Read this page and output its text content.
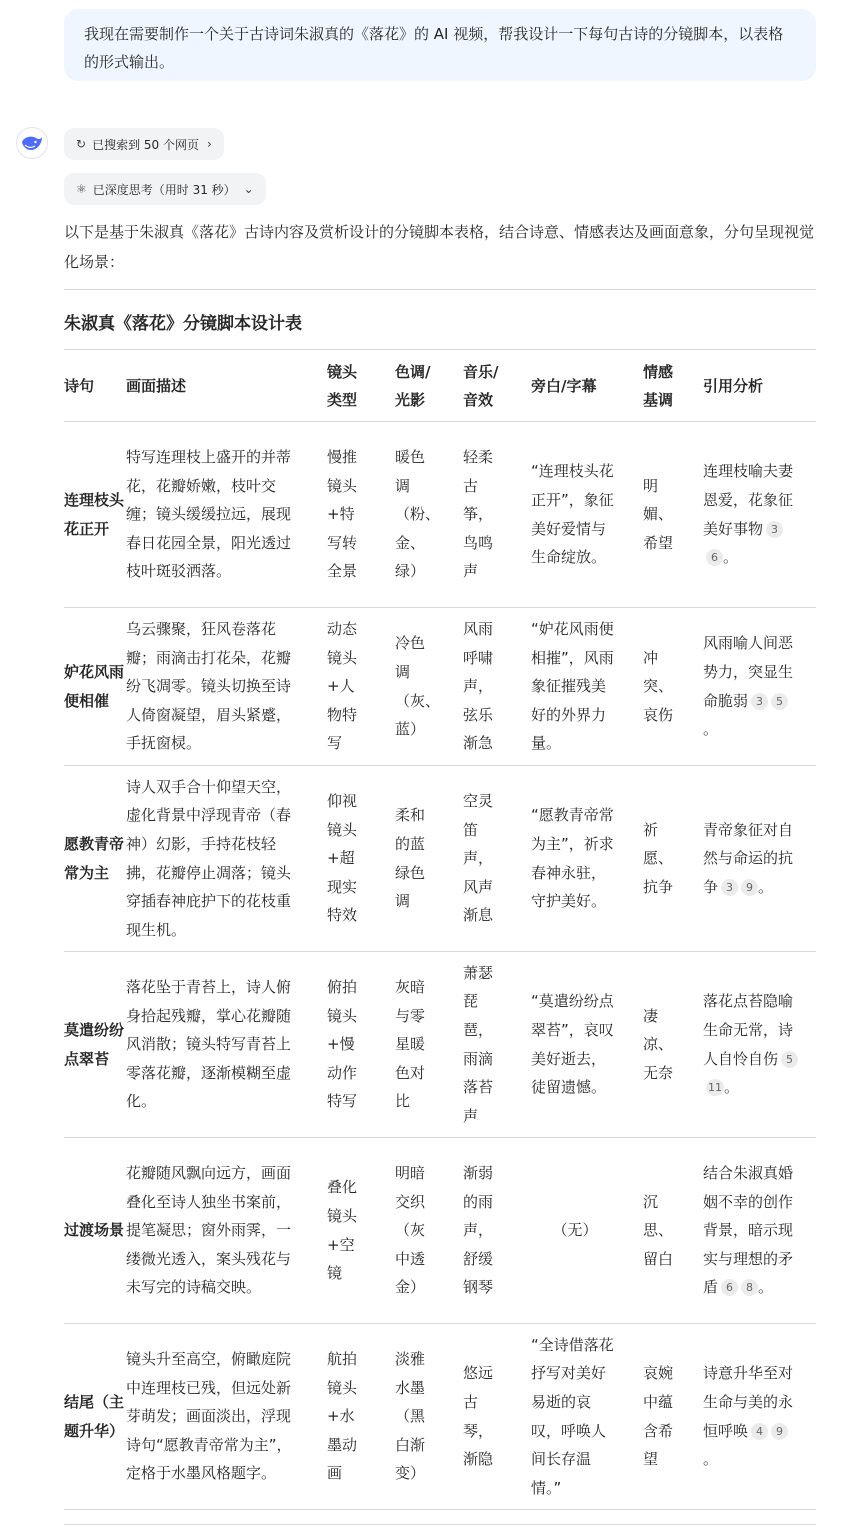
我现在需要制作一个关于古诗词朱淑真的《落花》的 AI 视频，帮我设计一下每句古诗的分镜脚本，以表格的形式输出。
↻ 已搜索到 50 个网页 ›
⚛ 已深度思考（用时 31 秒） ⌄
以下是基于朱淑真《落花》古诗内容及赏析设计的分镜脚本表格，结合诗意、情感表达及画面意象，分句呈现视觉化场景：
朱淑真《落花》分镜脚本设计表
诗句	画面描述	镜头类型	色调/光影	音乐/音效	旁白/字幕	情感基调	引用分析
连理枝头花正开	特写连理枝上盛开的并蒂花，花瓣娇嫩，枝叶交缠；镜头缓缓拉远，展现春日花园全景，阳光透过枝叶斑驳洒落。	慢推镜头+特写转全景	暖色调（粉、金、绿）	轻柔古筝，鸟鸣声	“连理枝头花正开”，象征美好爱情与生命绽放。	明媚、希望	连理枝喻夫妻恩爱，花象征美好事物 36 。
妒花风雨便相催	乌云骤聚，狂风卷落花瓣；雨滴击打花朵，花瓣纷飞凋零。镜头切换至诗人倚窗凝望，眉头紧蹙，手抚窗棂。	动态镜头+人物特写	冷色调（灰、蓝）	风雨呼啸声，弦乐渐急	“妒花风雨便相摧”，风雨象征摧残美好的外界力量。	冲突、哀伤	风雨喻人间恶势力，突显生命脆弱 3 5。
愿教青帝常为主	诗人双手合十仰望天空，虚化背景中浮现青帝（春神）幻影，手持花枝轻拂，花瓣停止凋落；镜头穿插春神庇护下的花枝重现生机。	仰视镜头+超现实特效	柔和的蓝绿色调	空灵笛声，风声渐息	“愿教青帝常为主”，祈求春神永驻，守护美好。	祈愿、抗争	青帝象征对自然与命运的抗争 3 9 。
莫遣纷纷点翠苔	落花坠于青苔上，诗人俯身拾起残瓣，掌心花瓣随风消散；镜头特写青苔上零落花瓣，逐渐模糊至虚化。	俯拍镜头+慢动作特写	灰暗与零星暖色对比	萧瑟琵琶，雨滴落苔声	“莫遣纷纷点翠苔”，哀叹美好逝去，徒留遗憾。	凄凉、无奈	落花点苔隐喻生命无常，诗人自怜自伤 511 。
过渡场景	花瓣随风飘向远方，画面叠化至诗人独坐书案前，提笔凝思；窗外雨霁，一缕微光透入，案头残花与未写完的诗稿交映。	叠化镜头+空镜	明暗交织（灰中透金）	渐弱的雨声，舒缓钢琴	（无）	沉思、留白	结合朱淑真婚姻不幸的创作背景，暗示现实与理想的矛盾 6 8 。
结尾（主题升华）	镜头升至高空，俯瞰庭院中连理枝已残，但远处新芽萌发；画面淡出，浮现诗句“愿教青帝常为主”，定格于水墨风格题字。	航拍镜头+水墨动画	淡雅水墨（黑白渐变）	悠远古琴，渐隐	“全诗借落花抒写对美好易逝的哀叹，呼唤人间长存温情。”	哀婉中蕴含希望	诗意升华至对生命与美的永恒呼唤 4 9。
